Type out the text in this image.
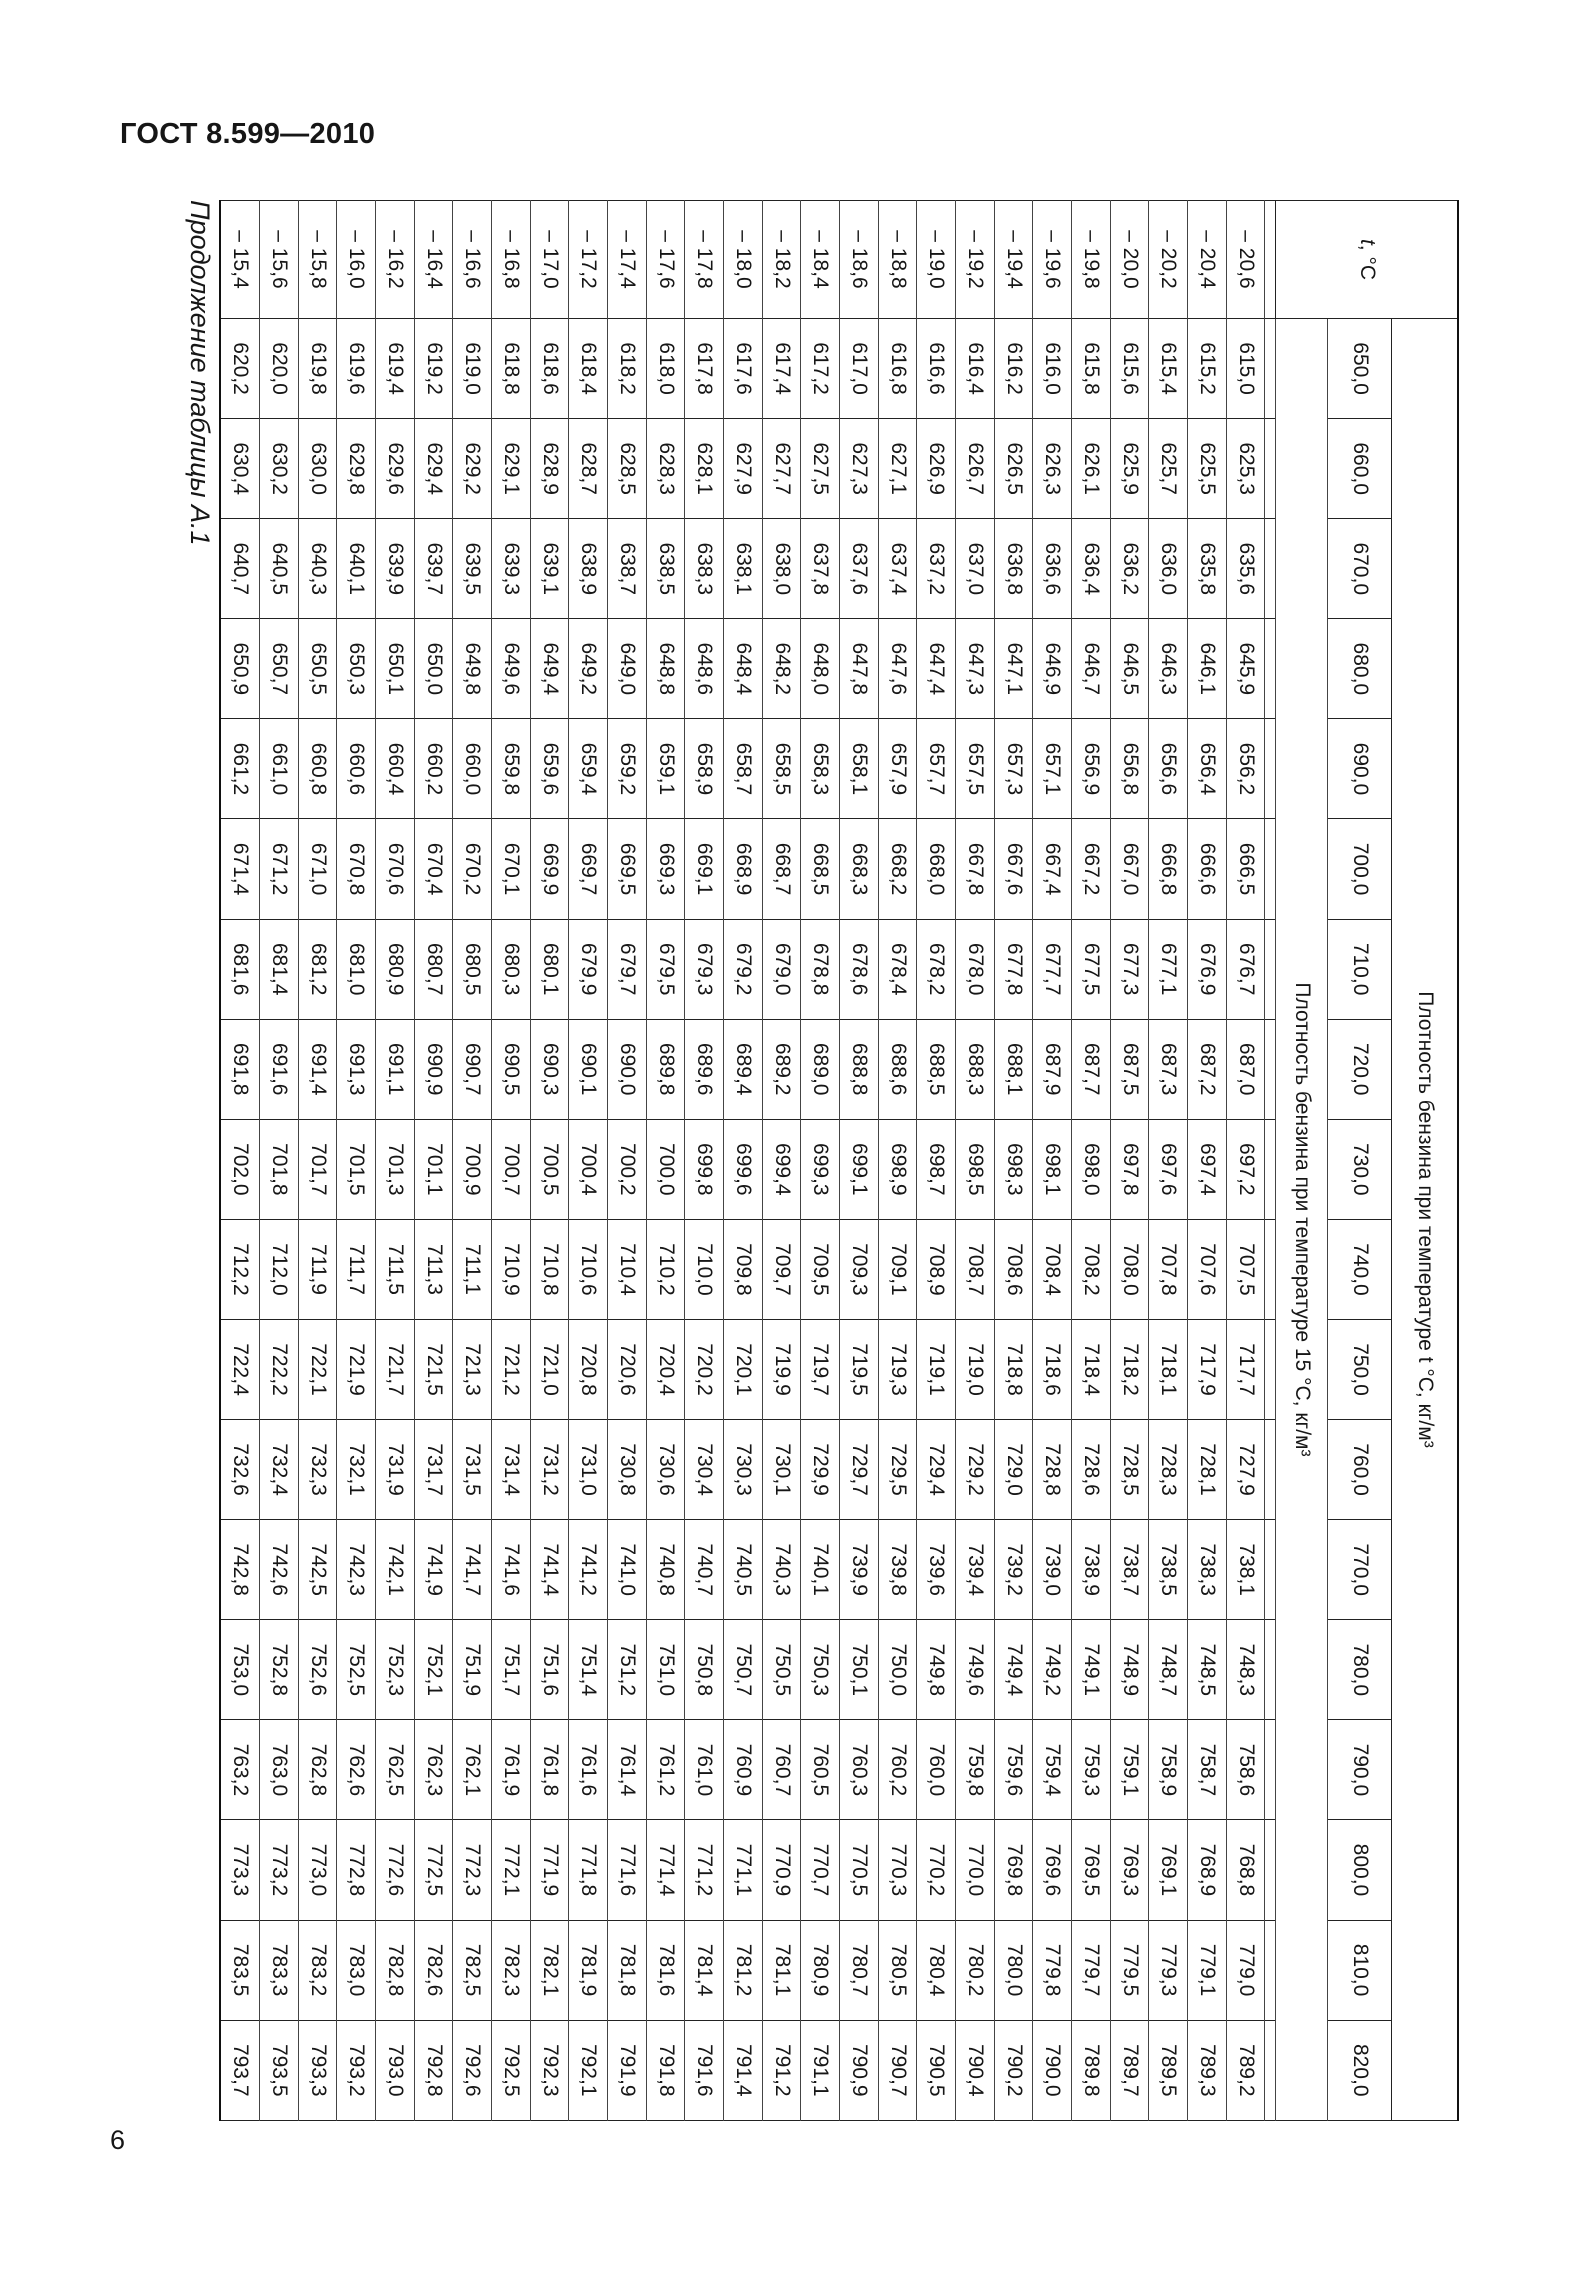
ГОСТ 8.599—2010
t, °C	Плотность бензина при температуре t °C, кг/м³																	
	650,0	660,0	670,0	680,0	690,0	700,0	710,0	720,0	730,0	740,0	750,0	760,0	770,0	780,0	790,0	800,0	810,0	820,0
	Плотность бензина при температуре 15 °С, кг/м³																	

– 20,6	615,0	625,3	635,6	645,9	656,2	666,5	676,7	687,0	697,2	707,5	717,7	727,9	738,1	748,3	758,6	768,8	779,0	789,2
– 20,4	615,2	625,5	635,8	646,1	656,4	666,6	676,9	687,2	697,4	707,6	717,9	728,1	738,3	748,5	758,7	768,9	779,1	789,3
– 20,2	615,4	625,7	636,0	646,3	656,6	666,8	677,1	687,3	697,6	707,8	718,1	728,3	738,5	748,7	758,9	769,1	779,3	789,5
– 20,0	615,6	625,9	636,2	646,5	656,8	667,0	677,3	687,5	697,8	708,0	718,2	728,5	738,7	748,9	759,1	769,3	779,5	789,7
– 19,8	615,8	626,1	636,4	646,7	656,9	667,2	677,5	687,7	698,0	708,2	718,4	728,6	738,9	749,1	759,3	769,5	779,7	789,8
– 19,6	616,0	626,3	636,6	646,9	657,1	667,4	677,7	687,9	698,1	708,4	718,6	728,8	739,0	749,2	759,4	769,6	779,8	790,0
– 19,4	616,2	626,5	636,8	647,1	657,3	667,6	677,8	688,1	698,3	708,6	718,8	729,0	739,2	749,4	759,6	769,8	780,0	790,2
– 19,2	616,4	626,7	637,0	647,3	657,5	667,8	678,0	688,3	698,5	708,7	719,0	729,2	739,4	749,6	759,8	770,0	780,2	790,4
– 19,0	616,6	626,9	637,2	647,4	657,7	668,0	678,2	688,5	698,7	708,9	719,1	729,4	739,6	749,8	760,0	770,2	780,4	790,5
– 18,8	616,8	627,1	637,4	647,6	657,9	668,2	678,4	688,6	698,9	709,1	719,3	729,5	739,8	750,0	760,2	770,3	780,5	790,7
– 18,6	617,0	627,3	637,6	647,8	658,1	668,3	678,6	688,8	699,1	709,3	719,5	729,7	739,9	750,1	760,3	770,5	780,7	790,9
– 18,4	617,2	627,5	637,8	648,0	658,3	668,5	678,8	689,0	699,3	709,5	719,7	729,9	740,1	750,3	760,5	770,7	780,9	791,1
– 18,2	617,4	627,7	638,0	648,2	658,5	668,7	679,0	689,2	699,4	709,7	719,9	730,1	740,3	750,5	760,7	770,9	781,1	791,2
– 18,0	617,6	627,9	638,1	648,4	658,7	668,9	679,2	689,4	699,6	709,8	720,1	730,3	740,5	750,7	760,9	771,1	781,2	791,4
– 17,8	617,8	628,1	638,3	648,6	658,9	669,1	679,3	689,6	699,8	710,0	720,2	730,4	740,7	750,8	761,0	771,2	781,4	791,6
– 17,6	618,0	628,3	638,5	648,8	659,1	669,3	679,5	689,8	700,0	710,2	720,4	730,6	740,8	751,0	761,2	771,4	781,6	791,8
– 17,4	618,2	628,5	638,7	649,0	659,2	669,5	679,7	690,0	700,2	710,4	720,6	730,8	741,0	751,2	761,4	771,6	781,8	791,9
– 17,2	618,4	628,7	638,9	649,2	659,4	669,7	679,9	690,1	700,4	710,6	720,8	731,0	741,2	751,4	761,6	771,8	781,9	792,1
– 17,0	618,6	628,9	639,1	649,4	659,6	669,9	680,1	690,3	700,5	710,8	721,0	731,2	741,4	751,6	761,8	771,9	782,1	792,3
– 16,8	618,8	629,1	639,3	649,6	659,8	670,1	680,3	690,5	700,7	710,9	721,2	731,4	741,6	751,7	761,9	772,1	782,3	792,5
– 16,6	619,0	629,2	639,5	649,8	660,0	670,2	680,5	690,7	700,9	711,1	721,3	731,5	741,7	751,9	762,1	772,3	782,5	792,6
– 16,4	619,2	629,4	639,7	650,0	660,2	670,4	680,7	690,9	701,1	711,3	721,5	731,7	741,9	752,1	762,3	772,5	782,6	792,8
– 16,2	619,4	629,6	639,9	650,1	660,4	670,6	680,9	691,1	701,3	711,5	721,7	731,9	742,1	752,3	762,5	772,6	782,8	793,0
– 16,0	619,6	629,8	640,1	650,3	660,6	670,8	681,0	691,3	701,5	711,7	721,9	732,1	742,3	752,5	762,6	772,8	783,0	793,2
– 15,8	619,8	630,0	640,3	650,5	660,8	671,0	681,2	691,4	701,7	711,9	722,1	732,3	742,5	752,6	762,8	773,0	783,2	793,3
– 15,6	620,0	630,2	640,5	650,7	661,0	671,2	681,4	691,6	701,8	712,0	722,2	732,4	742,6	752,8	763,0	773,2	783,3	793,5
– 15,4	620,2	630,4	640,7	650,9	661,2	671,4	681,6	691,8	702,0	712,2	722,4	732,6	742,8	753,0	763,2	773,3	783,5	793,7
Продолжение таблицы А.1
6
